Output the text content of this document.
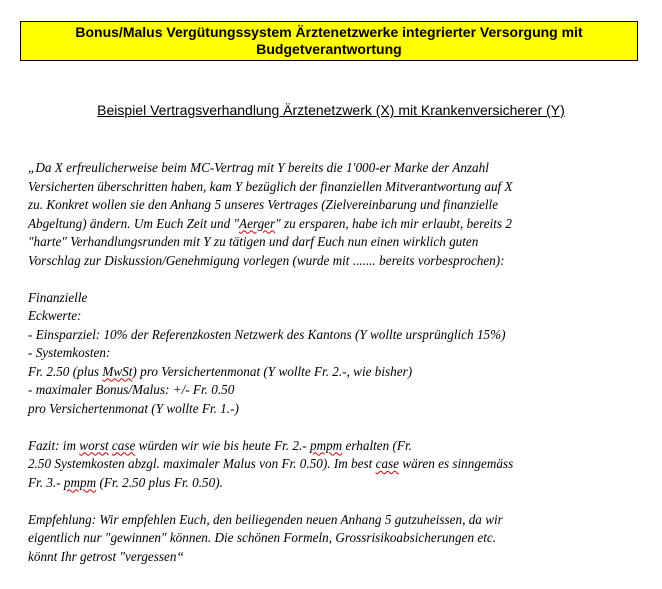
Bonus/Malus Vergütungssystem Ärztenetzwerke integrierter Versorgung mit
Budgetverantwortung
Beispiel Vertragsverhandlung Ärztenetzwerk (X) mit Krankenversicherer (Y)
„Da X erfreulicherweise beim MC-Vertrag mit Y bereits die 1'000-er Marke der Anzahl
Versicherten überschritten haben, kam Y bezüglich der finanziellen Mitverantwortung auf X
zu. Konkret wollen sie den Anhang 5 unseres Vertrages (Zielvereinbarung und finanzielle
Abgeltung) ändern. Um Euch Zeit und "Aerger" zu ersparen, habe ich mir erlaubt, bereits 2
"harte" Verhandlungsrunden mit Y zu tätigen und darf Euch nun einen wirklich guten
Vorschlag zur Diskussion/Genehmigung vorlegen (wurde mit ....... bereits vorbesprochen):
Finanzielle
Eckwerte:
- Einsparziel: 10% der Referenzkosten Netzwerk des Kantons (Y wollte ursprünglich 15%)
- Systemkosten:
Fr. 2.50 (plus MwSt) pro Versichertenmonat (Y wollte Fr. 2.-, wie bisher)
- maximaler Bonus/Malus: +/- Fr. 0.50
pro Versichertenmonat (Y wollte Fr. 1.-)
Fazit: im worst case würden wir wie bis heute Fr. 2.- pmpm erhalten (Fr.
2.50 Systemkosten abzgl. maximaler Malus von Fr. 0.50). Im best case wären es sinngemäss
Fr. 3.- pmpm (Fr. 2.50 plus Fr. 0.50).
Empfehlung: Wir empfehlen Euch, den beiliegenden neuen Anhang 5 gutzuheissen, da wir
eigentlich nur "gewinnen" können. Die schönen Formeln, Grossrisikoabsicherungen etc.
könnt Ihr getrost "vergessen“
